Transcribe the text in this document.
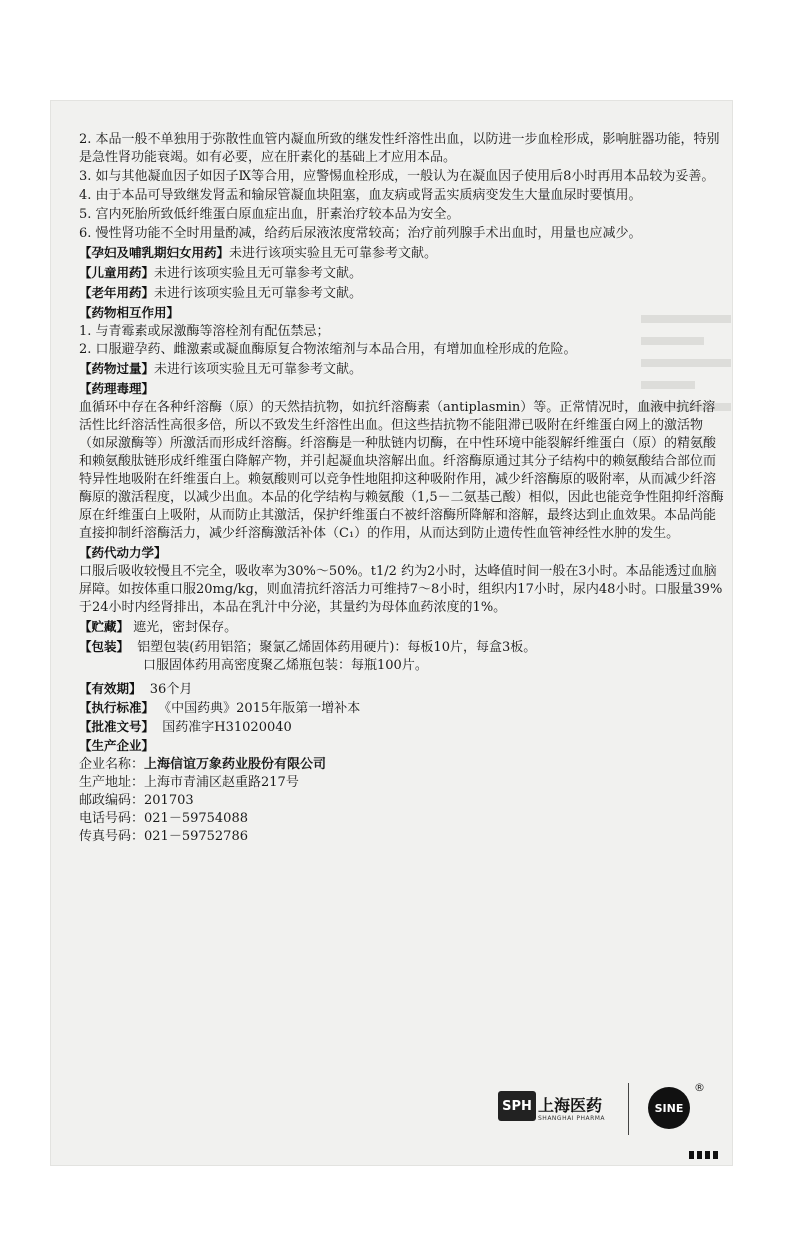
2. 本品一般不单独用于弥散性血管内凝血所致的继发性纤溶性出血，以防进一步血栓形成，影响脏器功能，特别是急性肾功能衰竭。如有必要，应在肝素化的基础上才应用本品。
3. 如与其他凝血因子如因子Ⅸ等合用，应警惕血栓形成，一般认为在凝血因子使用后8小时再用本品较为妥善。
4. 由于本品可导致继发肾盂和输尿管凝血块阻塞，血友病或肾盂实质病变发生大量血尿时要慎用。
5. 宫内死胎所致低纤维蛋白原血症出血，肝素治疗较本品为安全。
6. 慢性肾功能不全时用量酌减，给药后尿液浓度常较高；治疗前列腺手术出血时，用量也应减少。
【孕妇及哺乳期妇女用药】未进行该项实验且无可靠参考文献。
【儿童用药】未进行该项实验且无可靠参考文献。
【老年用药】未进行该项实验且无可靠参考文献。
【药物相互作用】
1. 与青霉素或尿激酶等溶栓剂有配伍禁忌；
2. 口服避孕药、雌激素或凝血酶原复合物浓缩剂与本品合用，有增加血栓形成的危险。
【药物过量】未进行该项实验且无可靠参考文献。
【药理毒理】
血循环中存在各种纤溶酶（原）的天然拮抗物，如抗纤溶酶素（antiplasmin）等。正常情况时，血液中抗纤溶活性比纤溶活性高很多倍，所以不致发生纤溶性出血。但这些拮抗物不能阻滞已吸附在纤维蛋白网上的激活物（如尿激酶等）所激活而形成纤溶酶。纤溶酶是一种肽链内切酶，在中性环境中能裂解纤维蛋白（原）的精氨酸和赖氨酸肽链形成纤维蛋白降解产物，并引起凝血块溶解出血。纤溶酶原通过其分子结构中的赖氨酸结合部位而特异性地吸附在纤维蛋白上。赖氨酸则可以竞争性地阻抑这种吸附作用，减少纤溶酶原的吸附率，从而减少纤溶酶原的激活程度，以减少出血。本品的化学结构与赖氨酸（1,5－二氨基己酸）相似，因此也能竞争性阻抑纤溶酶原在纤维蛋白上吸附，从而防止其激活，保护纤维蛋白不被纤溶酶所降解和溶解，最终达到止血效果。本品尚能直接抑制纤溶酶活力，减少纤溶酶激活补体（C₁）的作用，从而达到防止遗传性血管神经性水肿的发生。
【药代动力学】
口服后吸收较慢且不完全，吸收率为30%～50%。t1/2 约为2小时，达峰值时间一般在3小时。本品能透过血脑屏障。如按体重口服20mg/kg，则血清抗纤溶活力可维持7～8小时，组织内17小时，尿内48小时。口服量39%于24小时内经肾排出，本品在乳汁中分泌，其量约为母体血药浓度的1%。
【贮藏】 遮光，密封保存。
【包装】 铝塑包装(药用铝箔；聚氯乙烯固体药用硬片)：每板10片，每盒3板。
口服固体药用高密度聚乙烯瓶包装：每瓶100片。
【有效期】 36个月
【执行标准】 《中国药典》2015年版第一增补本
【批准文号】 国药准字H31020040
【生产企业】
企业名称：上海信谊万象药业股份有限公司
生产地址：上海市青浦区赵重路217号
邮政编码：201703
电话号码：021－59754088
传真号码：021－59752786
SPH 上海医药
SHANGHAI PHARMA
SINE
®
